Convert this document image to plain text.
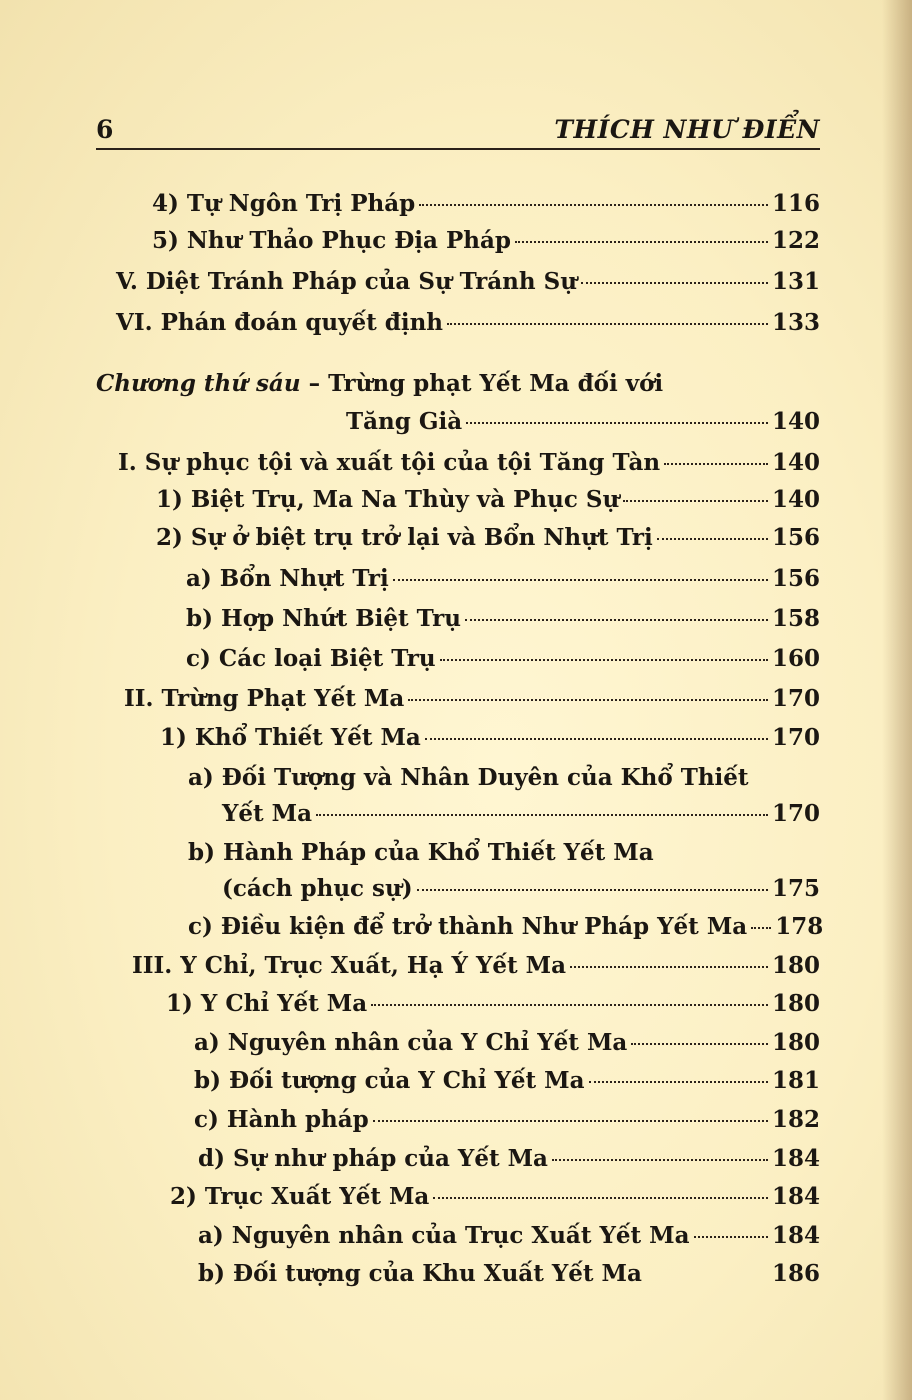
6	THÍCH NHƯ ĐIỂN
4) Tự Ngôn Trị Pháp	116
5) Như Thảo Phục Địa Pháp	122
V. Diệt Tránh Pháp của Sự Tránh Sự	131
VI. Phán đoán quyết định	133
Chương thứ sáu – Trừng phạt Yết Ma đối với
Tăng Già	140
I. Sự phục tội và xuất tội của tội Tăng Tàn	140
1) Biệt Trụ, Ma Na Thùy và Phục Sự	140
2) Sự ở biệt trụ trở lại và Bổn Nhựt Trị	156
a) Bổn Nhựt Trị	156
b) Hợp Nhứt Biệt Trụ	158
c) Các loại Biệt Trụ	160
II. Trừng Phạt Yết Ma	170
1) Khổ Thiết Yết Ma	170
a) Đối Tượng và Nhân Duyên của Khổ Thiết
Yết Ma	170
b) Hành Pháp của Khổ Thiết Yết Ma
(cách phục sự)	175
c) Điều kiện để trở thành Như Pháp Yết Ma 178
III. Y Chỉ, Trục Xuất, Hạ Ý Yết Ma	180
1) Y Chỉ Yết Ma	180
a) Nguyên nhân của Y Chỉ Yết Ma	180
b) Đối tượng của Y Chỉ Yết Ma	181
c) Hành pháp	182
d) Sự như pháp của Yết Ma	184
2) Trục Xuất Yết Ma	184
a) Nguyên nhân của Trục Xuất Yết Ma	184
b) Đối tượng của Khu Xuất Yết Ma	186
